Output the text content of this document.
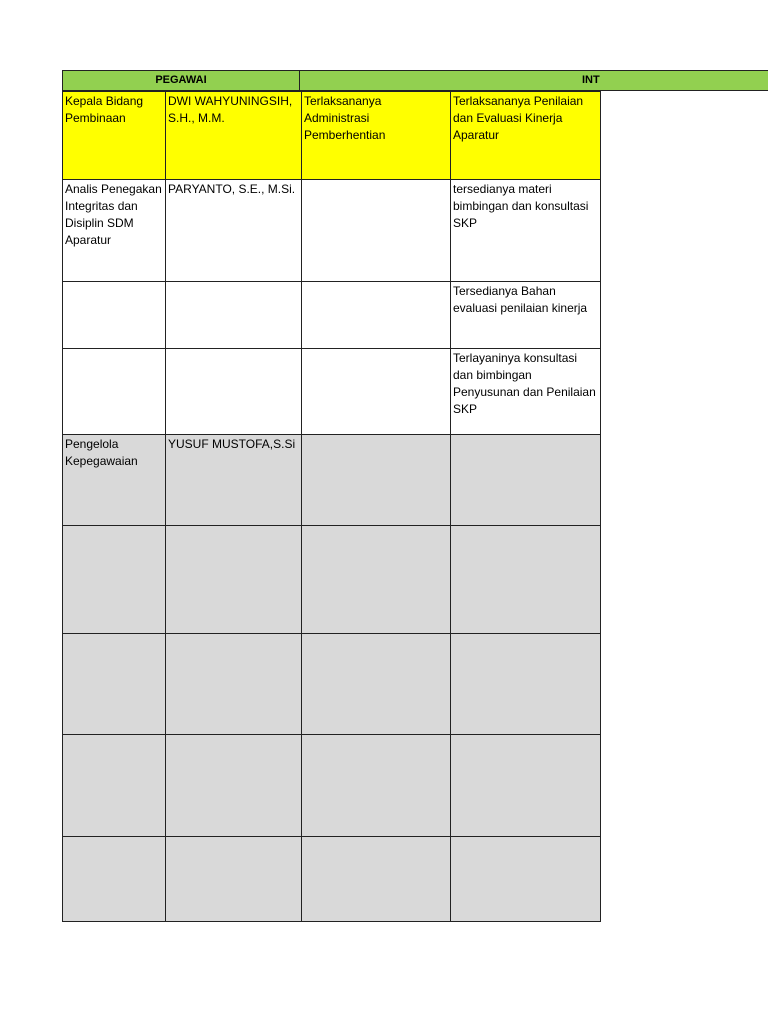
PEGAWAI	INT
Kepala Bidang Pembinaan	DWI WAHYUNINGSIH, S.H., M.M.	Terlaksananya Administrasi Pemberhentian	Terlaksananya Penilaian dan Evaluasi Kinerja Aparatur
Analis Penegakan Integritas dan Disiplin SDM Aparatur	PARYANTO, S.E., M.Si.		tersedianya materi bimbingan dan konsultasi SKP
			Tersedianya Bahan evaluasi penilaian kinerja
			Terlayaninya konsultasi dan bimbingan Penyusunan dan Penilaian SKP
Pengelola Kepegawaian	YUSUF MUSTOFA,S.Si		
